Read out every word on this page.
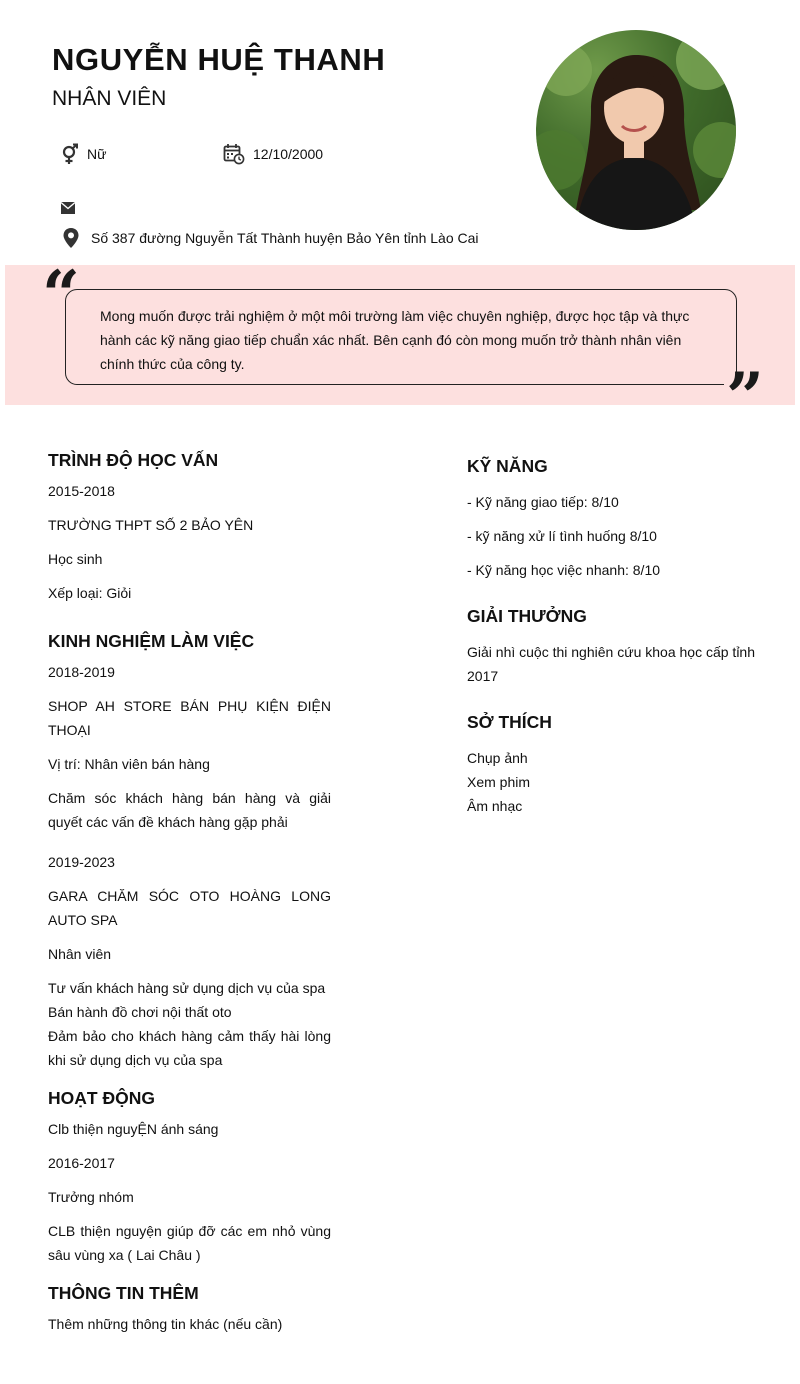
NGUYỄN HUỆ THANH
NHÂN VIÊN
Nữ	12/10/2000
Số 387 đường Nguyễn Tất Thành huyện Bảo Yên tỉnh Lào Cai
“ Mong muốn được trải nghiệm ở một môi trường làm việc chuyên nghiệp, được học tập và thực hành các kỹ năng giao tiếp chuẩn xác nhất. Bên cạnh đó còn mong muốn trở thành nhân viên chính thức của công ty.	”
TRÌNH ĐỘ HỌC VẤN

2015-2018

TRƯỜNG THPT SỐ 2 BẢO YÊN

Học sinh

Xếp loại: Giỏi

KINH NGHIỆM LÀM VIỆC

2018-2019

SHOP AH STORE BÁN PHỤ KIỆN ĐIỆN THOẠI

Vị trí: Nhân viên bán hàng

Chăm sóc khách hàng bán hàng và giải quyết các vấn đề khách hàng gặp phải

2019-2023

GARA CHĂM SÓC OTO HOÀNG LONG AUTO SPA

Nhân viên

Tư vấn khách hàng sử dụng dịch vụ của spa

Bán hành đồ chơi nội thất oto

Đảm bảo cho khách hàng cảm thấy hài lòng khi sử dụng dịch vụ của spa

HOẠT ĐỘNG

Clb thiện nguyỆN ánh sáng

2016-2017

Trưởng nhóm

CLB thiện nguyện giúp đỡ các em nhỏ vùng sâu vùng xa ( Lai Châu )

THÔNG TIN THÊM

Thêm những thông tin khác (nếu cần)

KỸ NĂNG

- Kỹ năng giao tiếp: 8/10

- kỹ năng xử lí tình huống 8/10

- Kỹ năng học việc nhanh: 8/10

GIẢI THƯỞNG

Giải nhì cuộc thi nghiên cứu khoa học cấp tỉnh 2017

SỞ THÍCH

Chụp ảnh

Xem phim

Âm nhạc
